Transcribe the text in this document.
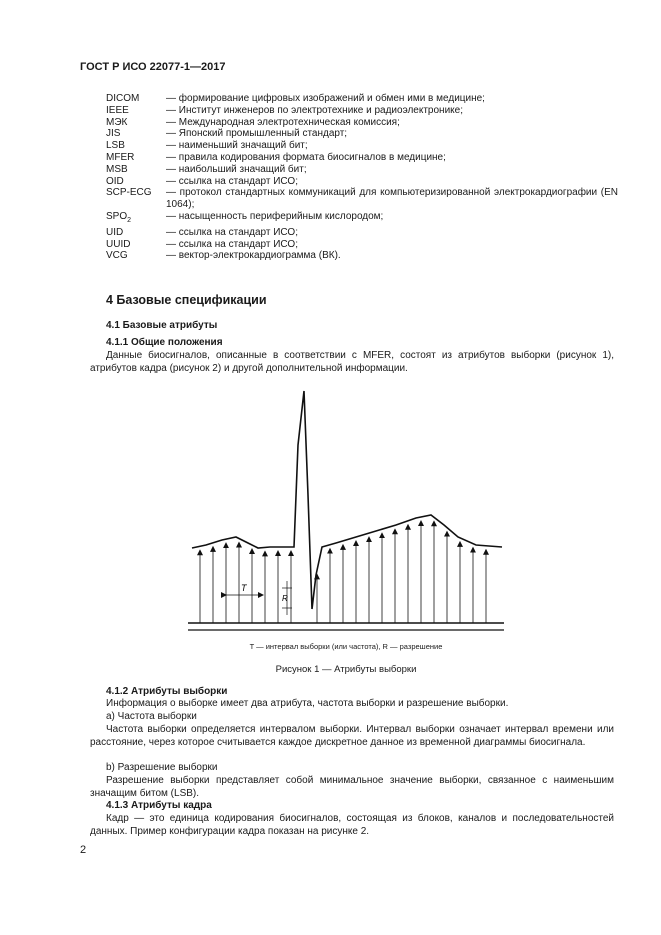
ГОСТ Р ИСО 22077-1—2017
DICOM	— формирование цифровых изображений и обмен ими в медицине;
IEEE	— Институт инженеров по электротехнике и радиоэлектронике;
МЭК	— Международная электротехническая комиссия;
JIS	— Японский промышленный стандарт;
LSB	— наименьший значащий бит;
MFER	— правила кодирования формата биосигналов в медицине;
MSB	— наибольший значащий бит;
OID	— ссылка на стандарт ИСО;
SCP-ECG	— протокол стандартных коммуникаций для компьютеризированной электрокардиографии (EN 1064);
$SPO_2$	— насыщенность периферийным кислородом;
UID	— ссылка на стандарт ИСО;
UUID	— ссылка на стандарт ИСО;
VCG	— вектор-электрокардиограмма (ВК).
4 Базовые спецификации
4.1 Базовые атрибуты
4.1.1 Общие положения
Данные биосигналов, описанные в соответствии с MFER, состоят из атрибутов выборки (рисунок 1), атрибутов кадра (рисунок 2) и другой дополнительной информации.
T
R
T — интервал выборки (или частота), R — разрешение
Рисунок 1 — Атрибуты выборки
4.1.2 Атрибуты выборки
Информация о выборке имеет два атрибута, частота выборки и разрешение выборки.
а) Частота выборки
Частота выборки определяется интервалом выборки. Интервал выборки означает интервал времени или расстояние, через которое считывается каждое дискретное данное из временной диаграммы биосигнала.
b) Разрешение выборки
Разрешение выборки представляет собой минимальное значение выборки, связанное с наименьшим значащим битом (LSB).
4.1.3 Атрибуты кадра
Кадр — это единица кодирования биосигналов, состоящая из блоков, каналов и последовательностей данных. Пример конфигурации кадра показан на рисунке 2.
2
